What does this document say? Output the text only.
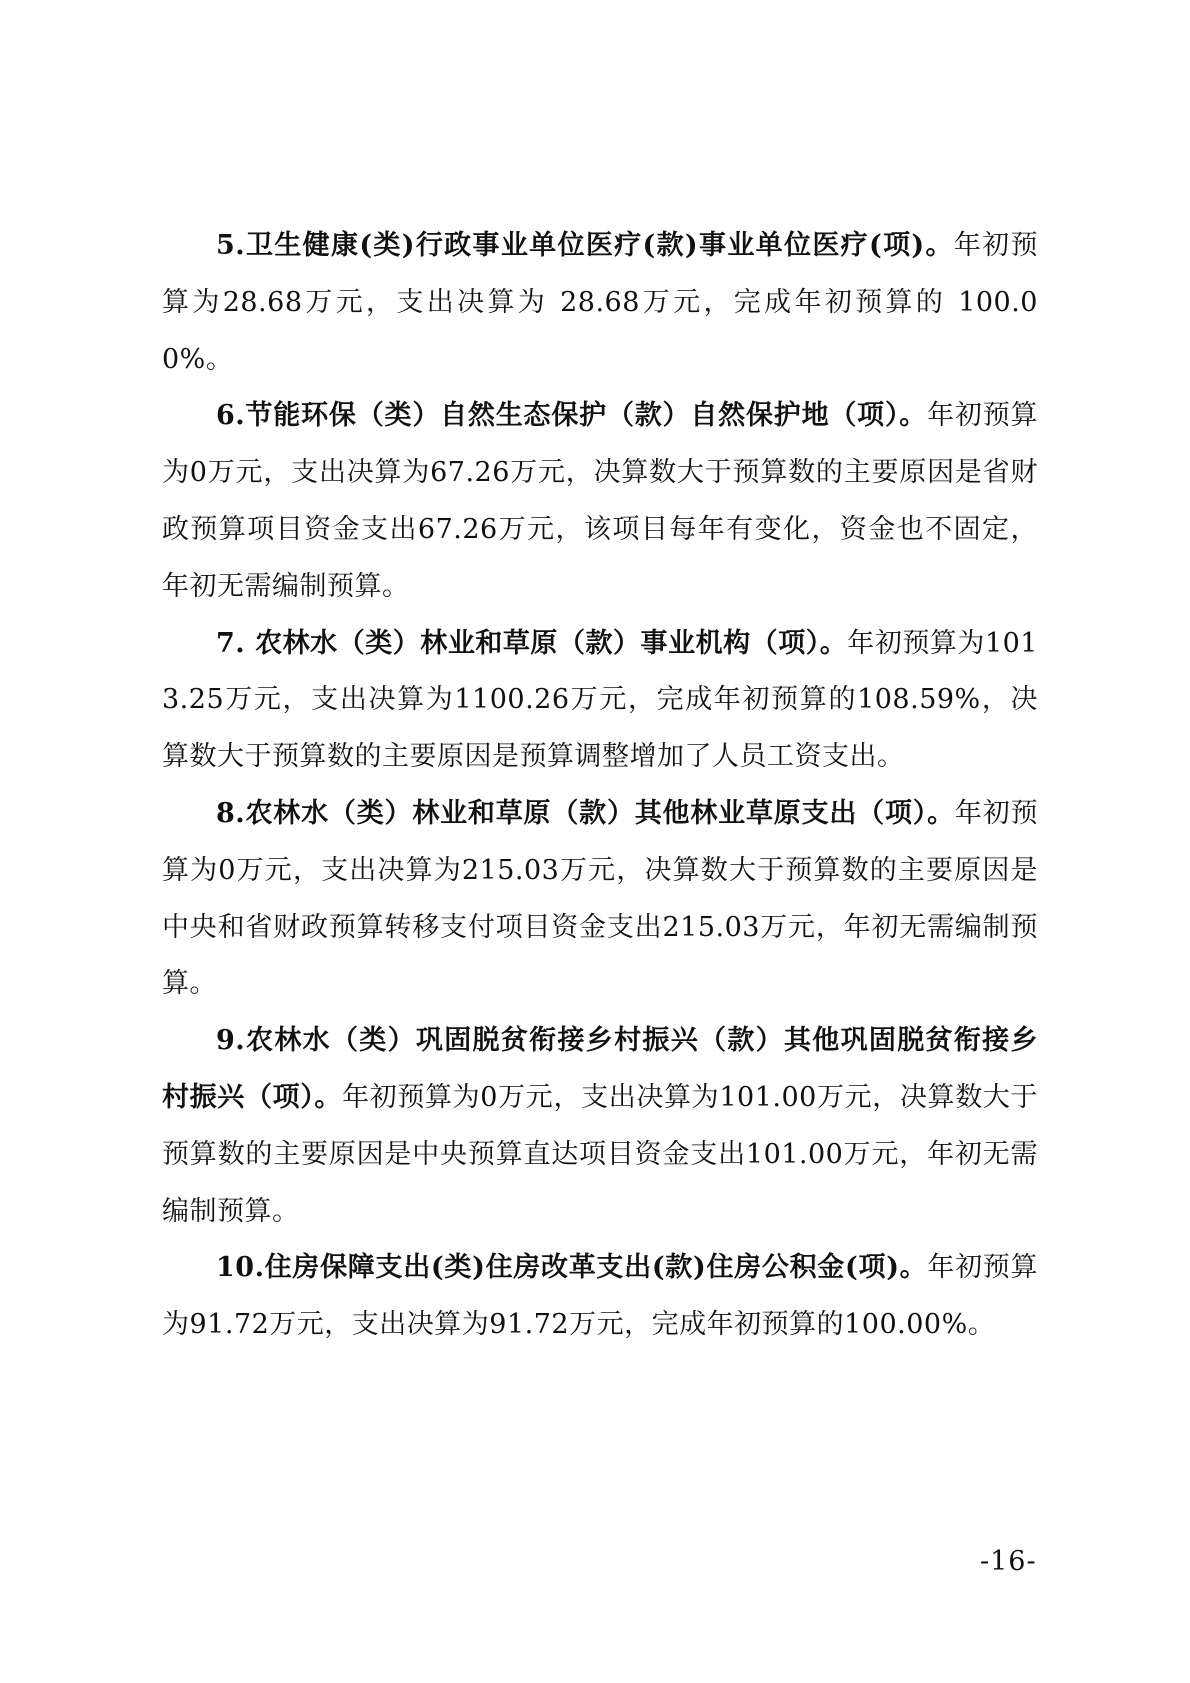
5.卫生健康(类)行政事业单位医疗(款)事业单位医疗(项)。年初预算为28.68万元，支出决算为 28.68万元，完成年初预算的 100.00%。

6.节能环保（类）自然生态保护（款）自然保护地（项）。年初预算为0万元，支出决算为67.26万元，决算数大于预算数的主要原因是省财政预算项目资金支出67.26万元，该项目每年有变化，资金也不固定，年初无需编制预算。

7. 农林水（类）林业和草原（款）事业机构（项）。年初预算为1013.25万元，支出决算为1100.26万元，完成年初预算的108.59%，决算数大于预算数的主要原因是预算调整增加了人员工资支出。

8.农林水（类）林业和草原（款）其他林业草原支出（项）。年初预算为0万元，支出决算为215.03万元，决算数大于预算数的主要原因是中央和省财政预算转移支付项目资金支出215.03万元，年初无需编制预算。

9.农林水（类）巩固脱贫衔接乡村振兴（款）其他巩固脱贫衔接乡村振兴（项）。年初预算为0万元，支出决算为101.00万元，决算数大于预算数的主要原因是中央预算直达项目资金支出101.00万元，年初无需编制预算。

10.住房保障支出(类)住房改革支出(款)住房公积金(项)。年初预算为91.72万元，支出决算为91.72万元，完成年初预算的100.00%。

-16-
